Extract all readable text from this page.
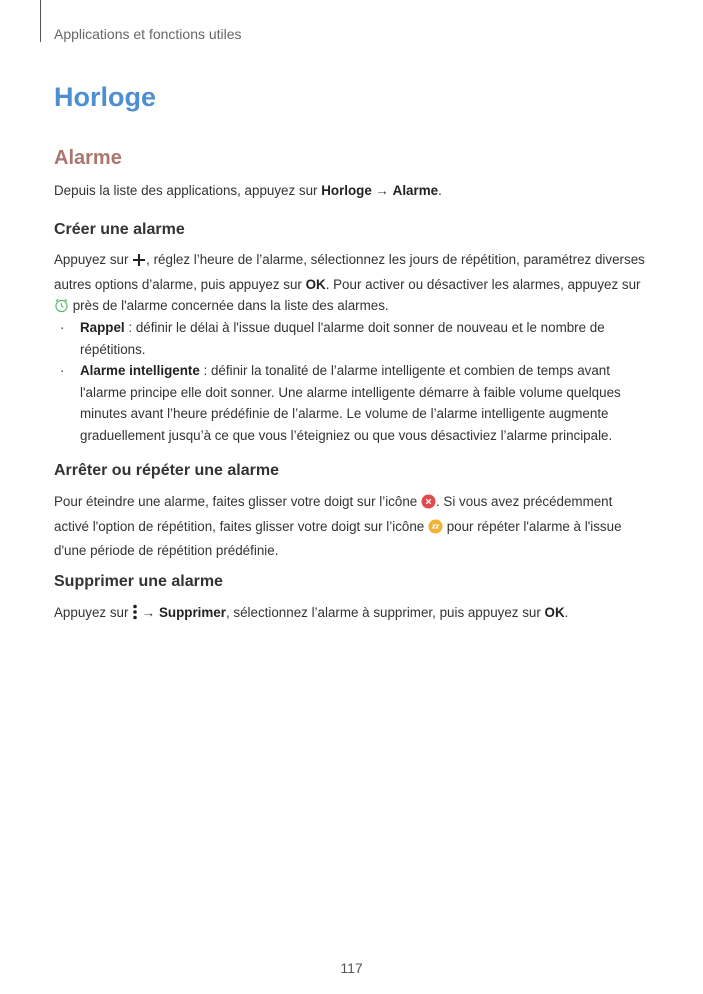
Applications et fonctions utiles
Horloge
Alarme

Depuis la liste des applications, appuyez sur Horloge → Alarme.

Créer une alarme

Appuyez sur , réglez l’heure de l’alarme, sélectionnez les jours de répétition, paramétrez diverses autres options d’alarme, puis appuyez sur OK. Pour activer ou désactiver les alarmes, appuyez sur  près de l'alarme concernée dans la liste des alarmes.

· Rappel : définir le délai à l'issue duquel l'alarme doit sonner de nouveau et le nombre de répétitions.
· Alarme intelligente : définir la tonalité de l’alarme intelligente et combien de temps avant l'alarme principe elle doit sonner. Une alarme intelligente démarre à faible volume quelques minutes avant l’heure prédéfinie de l’alarme. Le volume de l’alarme intelligente augmente graduellement jusqu’à ce que vous l’éteigniez ou que vous désactiviez l’alarme principale.
Arrêter ou répéter une alarme

Pour éteindre une alarme, faites glisser votre doigt sur l’icône . Si vous avez précédemment activé l'option de répétition, faites glisser votre doigt sur l’icône  pour répéter l'alarme à l'issue d'une période de répétition prédéfinie.

Supprimer une alarme

Appuyez sur  → Supprimer, sélectionnez l’alarme à supprimer, puis appuyez sur OK.

117
